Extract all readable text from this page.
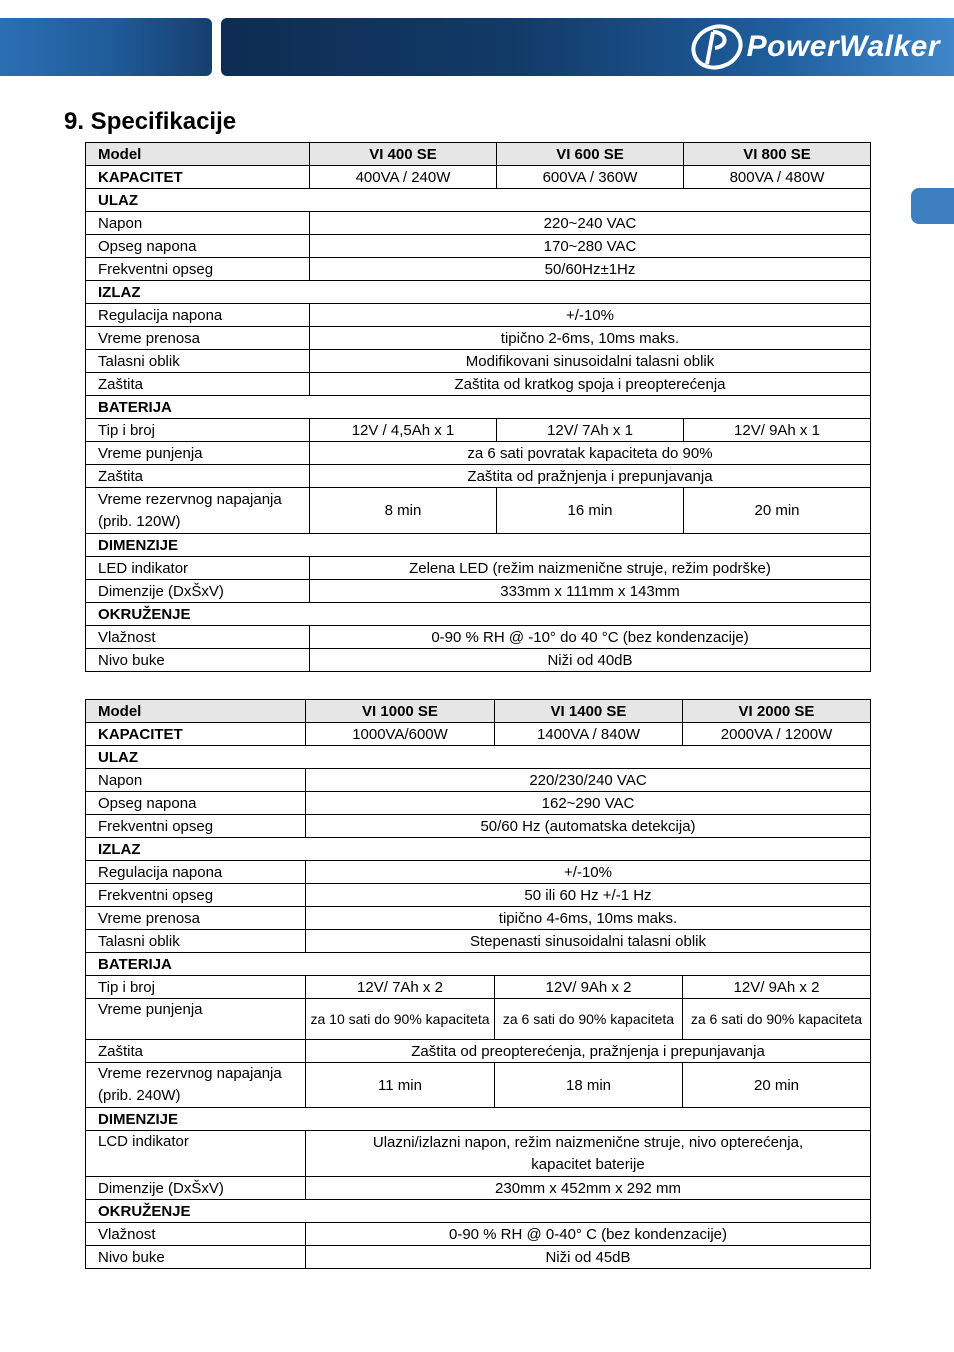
PowerWalker
9. Specifikacije
Model	VI 400 SE	VI 600 SE	VI 800 SE
KAPACITET	400VA / 240W	600VA / 360W	800VA / 480W
ULAZ			
Napon	220~240 VAC		
Opseg napona	170~280 VAC		
Frekventni opseg	50/60Hz±1Hz		
IZLAZ			
Regulacija napona	+/-10%		
Vreme prenosa	tipično 2-6ms, 10ms maks.		
Talasni oblik	Modifikovani sinusoidalni talasni oblik		
Zaštita	Zaštita od kratkog spoja i preopterećenja		
BATERIJA			
Tip i broj	12V / 4,5Ah x 1	12V/ 7Ah x 1	12V/ 9Ah x 1
Vreme punjenja	za 6 sati povratak kapaciteta do 90%		
Zaštita	Zaštita od pražnjenja i prepunjavanja		
Vreme rezervnog napajanja (prib. 120W)	8 min	16 min	20 min
DIMENZIJE			
LED indikator	Zelena LED (režim naizmenične struje, režim podrške)		
Dimenzije (DxŠxV)	333mm x 111mm x 143mm		
OKRUŽENJE			
Vlažnost	0-90 % RH @ -10° do 40 °C (bez kondenzacije)		
Nivo buke	Niži od 40dB		
Model	VI 1000 SE	VI 1400 SE	VI 2000 SE
KAPACITET	1000VA/600W	1400VA / 840W	2000VA / 1200W
ULAZ			
Napon	220/230/240 VAC		
Opseg napona	162~290 VAC		
Frekventni opseg	50/60 Hz (automatska detekcija)		
IZLAZ			
Regulacija napona	+/-10%		
Frekventni opseg	50 ili 60 Hz +/-1 Hz		
Vreme prenosa	tipično 4-6ms, 10ms maks.		
Talasni oblik	Stepenasti sinusoidalni talasni oblik		
BATERIJA			
Tip i broj	12V/ 7Ah x 2	12V/ 9Ah x 2	12V/ 9Ah x 2
Vreme punjenja	za 10 sati do 90% kapaciteta	za 6 sati do 90% kapaciteta	za 6 sati do 90% kapaciteta
Zaštita	Zaštita od preopterećenja, pražnjenja i prepunjavanja		
Vreme rezervnog napajanja (prib. 240W)	11 min	18 min	20 min
DIMENZIJE			
LCD indikator	Ulazni/izlazni napon, režim naizmenične struje, nivo opterećenja, kapacitet baterije		
Dimenzije (DxŠxV)	230mm x 452mm x 292 mm		
OKRUŽENJE			
Vlažnost	0-90 % RH @ 0-40° C (bez kondenzacije)		
Nivo buke	Niži od 45dB		
